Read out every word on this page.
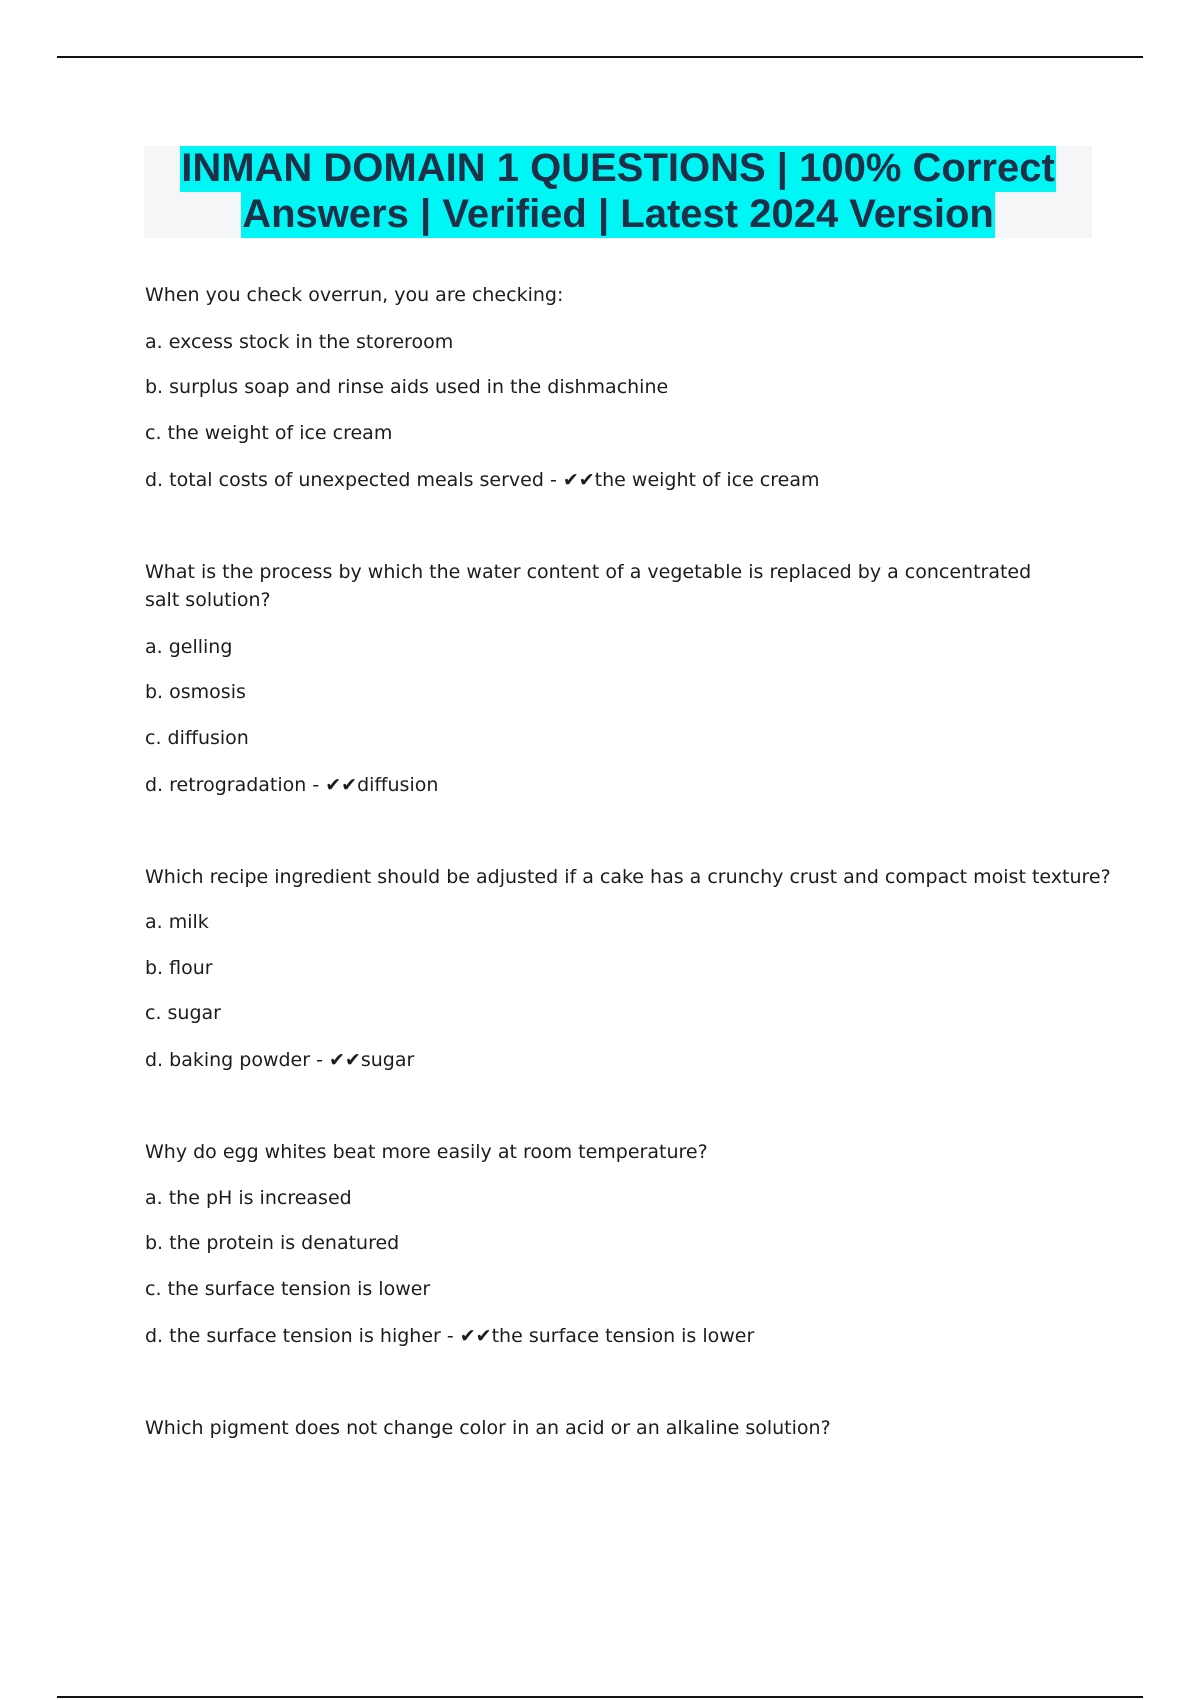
INMAN DOMAIN 1 QUESTIONS | 100% Correct
Answers | Verified | Latest 2024 Version
When you check overrun, you are checking:
a. excess stock in the storeroom
b. surplus soap and rinse aids used in the dishmachine
c. the weight of ice cream
d. total costs of unexpected meals served - ✔✔the weight of ice cream
What is the process by which the water content of a vegetable is replaced by a concentrated salt solution?
a. gelling
b. osmosis
c. diffusion
d. retrogradation - ✔✔diffusion
Which recipe ingredient should be adjusted if a cake has a crunchy crust and compact moist texture?
a. milk
b. flour
c. sugar
d. baking powder - ✔✔sugar
Why do egg whites beat more easily at room temperature?
a. the pH is increased
b. the protein is denatured
c. the surface tension is lower
d. the surface tension is higher - ✔✔the surface tension is lower
Which pigment does not change color in an acid or an alkaline solution?
